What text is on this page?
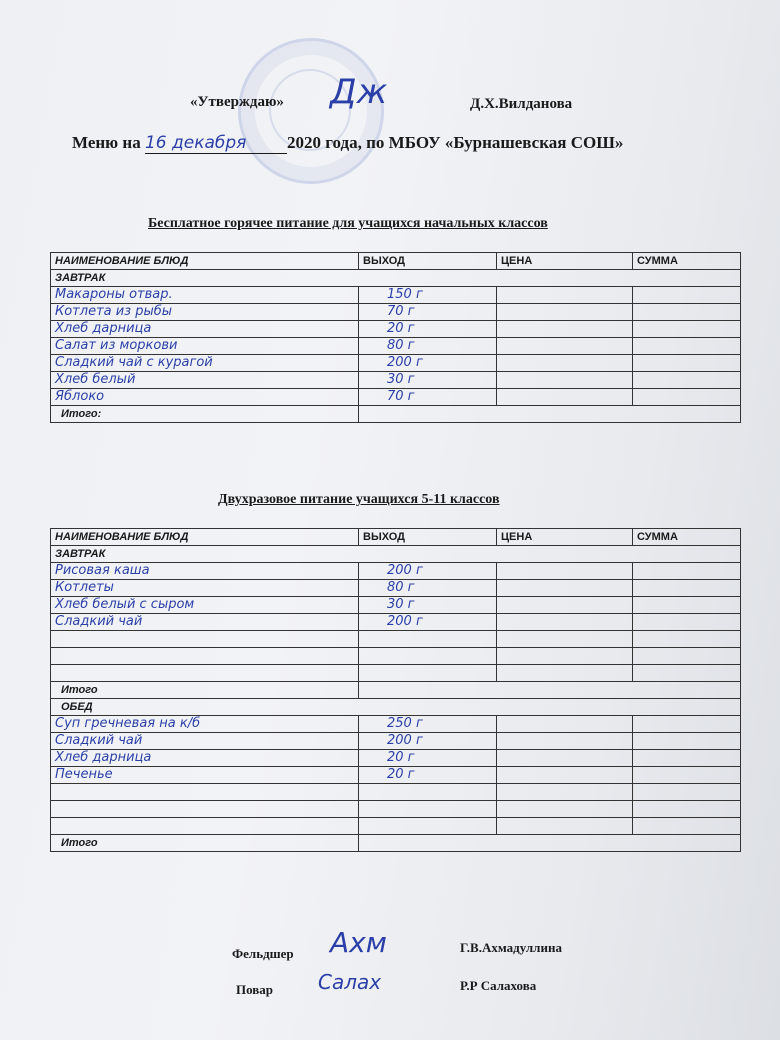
«Утверждаю» Дж	Д.Х.Вилданова
Меню на 16 декабря 2020 года, по МБОУ «Бурнашевская СОШ»
Бесплатное горячее питание для учащихся начальных классов
НАИМЕНОВАНИЕ БЛЮД	ВЫХОД	ЦЕНА	СУММА
ЗАВТРАК			
Макароны отвар.	150 г		
Котлета из рыбы	70 г		
Хлеб дарница	20 г		
Салат из моркови	80 г		
Сладкий чай с курагой	200 г		
Хлеб белый	30 г		
Яблоко	70 г		
Итого:			
Двухразовое питание учащихся 5-11 классов
НАИМЕНОВАНИЕ БЛЮД	ВЫХОД	ЦЕНА	СУММА
ЗАВТРАК			
Рисовая каша	200 г		
Котлеты	80 г		
Хлеб белый с сыром	30 г		
Сладкий чай	200 г		

Итого			
ОБЕД			
Суп гречневая на к/б	250 г		
Сладкий чай	200 г		
Хлеб дарница	20 г		
Печенье	20 г		

Итого			
Фельдшер Ахм	Г.В.Ахмадуллина
Повар Салах	Р.Р Салахова
